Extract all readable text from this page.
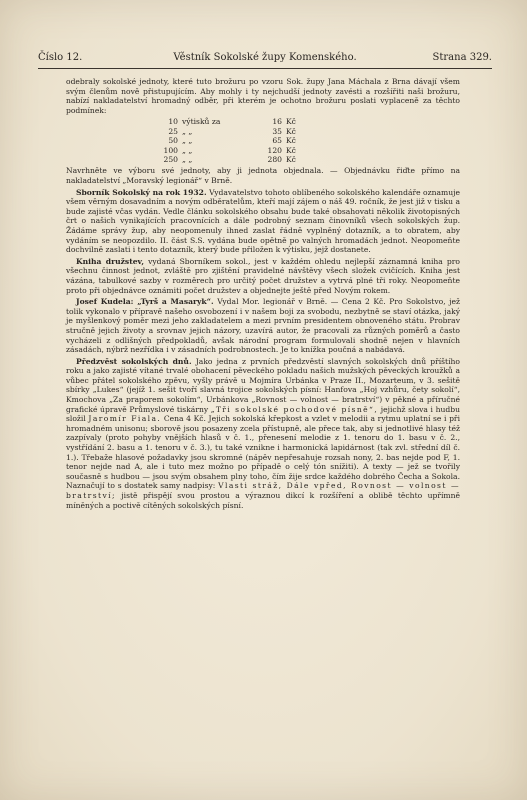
Číslo 12.	Věstník Sokolské župy Komenského.	Strana 329.

odebraly sokolské jednoty, které tuto brožuru po vzoru Sok. župy Jana Máchala z Brna dávají všem svým členům nově přistupujícím. Aby mohly i ty nejchudší jednoty zavésti a rozšířiti naši brožuru, nabízí nakladatelství hromadný odběr, při kterém je ochotno brožuru poslati vyplaceně za těchto podmínek:

10	výtisků za	16	Kč
25	„ „	35	Kč
50	„ „	65	Kč
100	„ „	120	Kč
250	„ „	280	Kč

Navrhněte ve výboru své jednoty, aby ji jednota objednala. — Objednávku řiďte přímo na nakladatelství „Moravský legionář“ v Brně.

Sborník Sokolský na rok 1932. Vydavatelstvo tohoto oblíbeného sokolského kalendáře oznamuje všem věrným dosavadním a novým odběratelům, kteří mají zájem o náš 49. ročník, že jest již v tisku a bude zajisté včas vydán. Vedle článku sokolského obsahu bude také obsahovati několik životopisných črt o našich vynikajících pracovnících a dále podrobný seznam činovníků všech sokolských žup. Žádáme správy žup, aby neopomenuly ihned zaslat řádně vyplněný dotazník, a to obratem, aby vydáním se neopozdilo. II. část S.S. vydána bude opětně po valných hromadách jednot. Neopomeňte dochvilně zaslati i tento dotazník, který bude přiložen k výtisku, jejž dostanete.

Kniha družstev, vydaná Sborníkem sokol., jest v každém ohledu nejlepší záznamná kniha pro všechnu činnost jednot, zvláště pro zjištění pravidelné návštěvy všech složek cvičících. Kniha jest vázána, tabulkové sazby v rozměrech pro určitý počet družstev a vytrvá plné tři roky. Neopomeňte proto při objednávce oznámiti počet družstev a objednejte ještě před Novým rokem.

Josef Kudela: „Tyrš a Masaryk“. Vydal Mor. legionář v Brně. — Cena 2 Kč. Pro Sokolstvo, jež tolik vykonalo v přípravě našeho osvobození i v našem boji za svobodu, nezbytně se staví otázka, jaký je myšlenkový poměr mezi jeho zakladatelem a mezi prvním presidentem obnoveného státu. Probrav stručně jejich životy a srovnav jejich názory, uzavírá autor, že pracovali za různých poměrů a často vycházeli z odlišných předpokladů, avšak národní program formulovali shodně nejen v hlavních zásadách, nýbrž nezřídka i v zásadních podrobnostech. Je to knížka poučná a nabádavá.

Předzvěst sokolských dnů. Jako jedna z prvních předzvěstí slavných sokolských dnů příštího roku a jako zajisté vítané trvalé obohacení pěveckého pokladu našich mužských pěveckých kroužků a vůbec přátel sokolského zpěvu, vyšly právě u Mojmíra Urbánka v Praze II., Mozarteum, v 3. sešitě sbírky „Lukes“ (jejíž 1. sešit tvoří slavná trojice sokolských písní: Hanfova „Hoj vzhůru, čety sokolí“, Kmochova „Za praporem sokolím“, Urbánkova „Rovnost — volnost — bratrství“) v pěkné a příručné grafické úpravě Průmyslové tiskárny „Tři sokolské pochodové písně“, jejichž slova i hudbu složil Jaromír Fiala. Cena 4 Kč. Jejich sokolská křepkost a vzlet v melodii a rytmu uplatní se i při hromadném unisonu; sborově jsou posazeny zcela přístupně, ale přece tak, aby si jednotlivé hlasy též zazpívaly (proto pohyby vnějších hlasů v č. 1., přenesení melodie z 1. tenoru do 1. basu v č. 2., vystřídání 2. basu a 1. tenoru v č. 3.), tu také vznikne i harmonická lapidárnost (tak zvl. střední díl č. 1.). Třebaže hlasové požadavky jsou skromné (nápěv nepřesahuje rozsah nony, 2. bas nejde pod F, 1. tenor nejde nad A, ale i tuto mez možno po případě o celý tón snížiti). A texty — jež se tvořily současně s hudbou — jsou svým obsahem plny toho, čím žije srdce každého dobrého Čecha a Sokola. Naznačují to s dostatek samy nadpisy: Vlasti stráž, Dále vpřed, Rovnost — volnost — bratrství; jistě přispějí svou prostou a výraznou dikcí k rozšíření a oblibě těchto upřímně míněných a poctivě cítěných sokolských písní.
